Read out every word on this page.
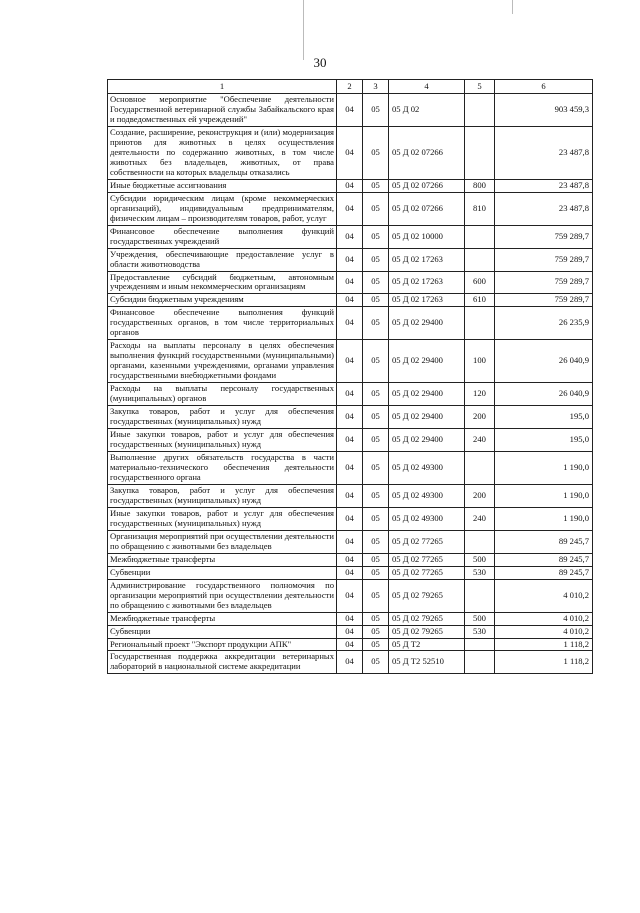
30
1	2	3	4	5	6
Основное мероприятие "Обеспечение деятельности Государственной ветеринарной службы Забайкальского края и подведомственных ей учреждений"	04	05	05 Д 02		903 459,3
Создание, расширение, реконструкция и (или) модернизация приютов для животных в целях осуществления деятельности по содержанию животных, в том числе животных без владельцев, животных, от права собственности на которых владельцы отказались	04	05	05 Д 02 07266		23 487,8
Иные бюджетные ассигнования	04	05	05 Д 02 07266	800	23 487,8
Субсидии юридическим лицам (кроме некоммерческих организаций), индивидуальным предпринимателям, физическим лицам – производителям товаров, работ, услуг	04	05	05 Д 02 07266	810	23 487,8
Финансовое обеспечение выполнения функций государственных учреждений	04	05	05 Д 02 10000		759 289,7
Учреждения, обеспечивающие предоставление услуг в области животноводства	04	05	05 Д 02 17263		759 289,7
Предоставление субсидий бюджетным, автономным учреждениям и иным некоммерческим организациям	04	05	05 Д 02 17263	600	759 289,7
Субсидии бюджетным учреждениям	04	05	05 Д 02 17263	610	759 289,7
Финансовое обеспечение выполнения функций государственных органов, в том числе территориальных органов	04	05	05 Д 02 29400		26 235,9
Расходы на выплаты персоналу в целях обеспечения выполнения функций государственными (муниципальными) органами, казенными учреждениями, органами управления государственными внебюджетными фондами	04	05	05 Д 02 29400	100	26 040,9
Расходы на выплаты персоналу государственных (муниципальных) органов	04	05	05 Д 02 29400	120	26 040,9
Закупка товаров, работ и услуг для обеспечения государственных (муниципальных) нужд	04	05	05 Д 02 29400	200	195,0
Иные закупки товаров, работ и услуг для обеспечения государственных (муниципальных) нужд	04	05	05 Д 02 29400	240	195,0
Выполнение других обязательств государства в части материально-технического обеспечения деятельности государственного органа	04	05	05 Д 02 49300		1 190,0
Закупка товаров, работ и услуг для обеспечения государственных (муниципальных) нужд	04	05	05 Д 02 49300	200	1 190,0
Иные закупки товаров, работ и услуг для обеспечения государственных (муниципальных) нужд	04	05	05 Д 02 49300	240	1 190,0
Организация мероприятий при осуществлении деятельности по обращению с животными без владельцев	04	05	05 Д 02 77265		89 245,7
Межбюджетные трансферты	04	05	05 Д 02 77265	500	89 245,7
Субвенции	04	05	05 Д 02 77265	530	89 245,7
Администрирование государственного полномочия по организации мероприятий при осуществлении деятельности по обращению с животными без владельцев	04	05	05 Д 02 79265		4 010,2
Межбюджетные трансферты	04	05	05 Д 02 79265	500	4 010,2
Субвенции	04	05	05 Д 02 79265	530	4 010,2
Региональный проект "Экспорт продукции АПК"	04	05	05 Д Т2		1 118,2
Государственная поддержка аккредитации ветеринарных лабораторий в национальной системе аккредитации	04	05	05 Д Т2 52510		1 118,2
